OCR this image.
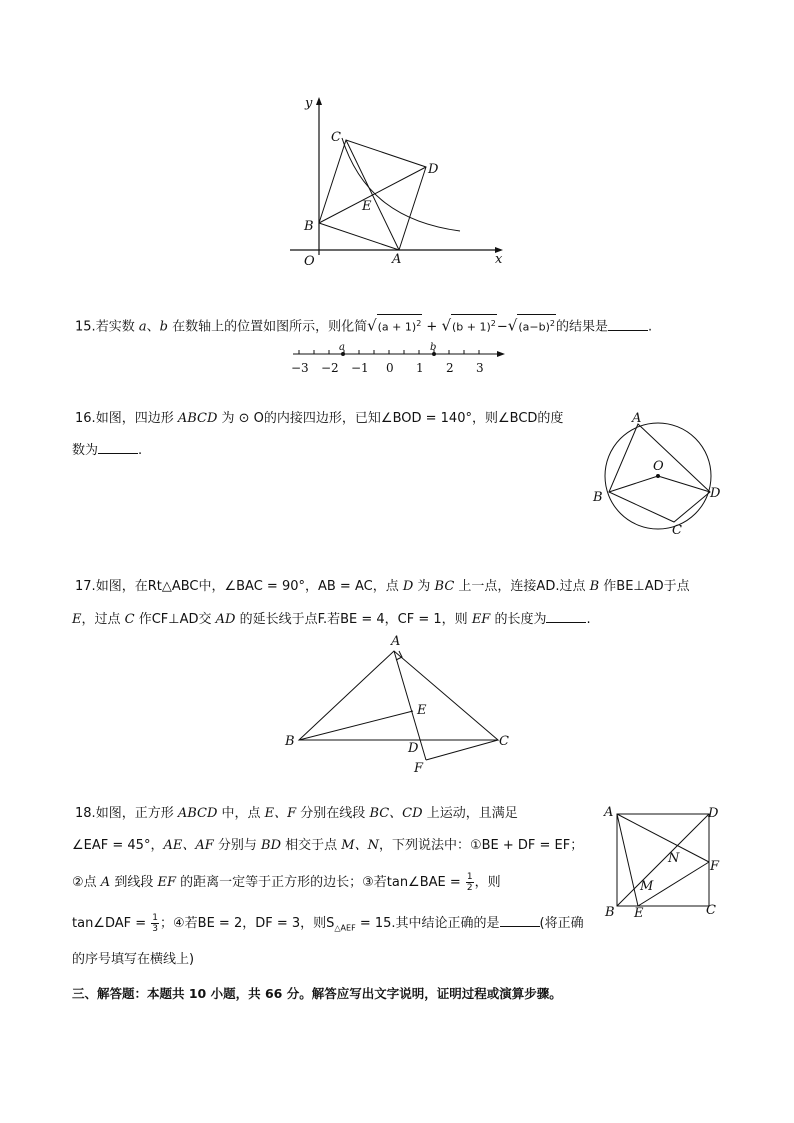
y
x
O	A
B
C
D
E
15.若实数 a、b 在数轴上的位置如图所示，则化简$√(a + 1)^2 + √(b + 1)^2-√(a-b)^2$的结果是	.
a	b
−3 −2 −1 0 1 2 3
16.如图，四边形 ABCD 为 ⊙ O的内接四边形，已知∠BOD = 140°，则∠BCD的度
数为	.
A
O
B	D
C
17.如图，在Rt△ABC中，∠BAC = 90°，AB = AC，点 D 为 BC 上一点，连接AD.过点 B 作BE⊥AD于点
E，过点 C 作CF⊥AD交 AD 的延长线于点F.若BE = 4，CF = 1，则 EF 的长度为	.
A
B	C
D
E
F
18.如图，正方形 ABCD 中，点 E、F 分别在线段 BC、CD 上运动，且满足
∠EAF = 45°，AE、AF 分别与 BD 相交于点 M、N，下列说法中：①BE + DF = EF；
②点 A 到线段 EF 的距离一定等于正方形的边长；③若tan∠BAE = $\frac{1}{2}$ ，则
tan∠DAF = $\frac{1}{3}$ ；④若BE = 2，DF = 3，则$S_{\triangle AEF} = 15$.其中结论正确的是	(将正确
的序号填写在横线上)
A	D
N
F
M
B E	C
三、解答题：本题共 10 小题，共 66 分。解答应写出文字说明，证明过程或演算步骤。
